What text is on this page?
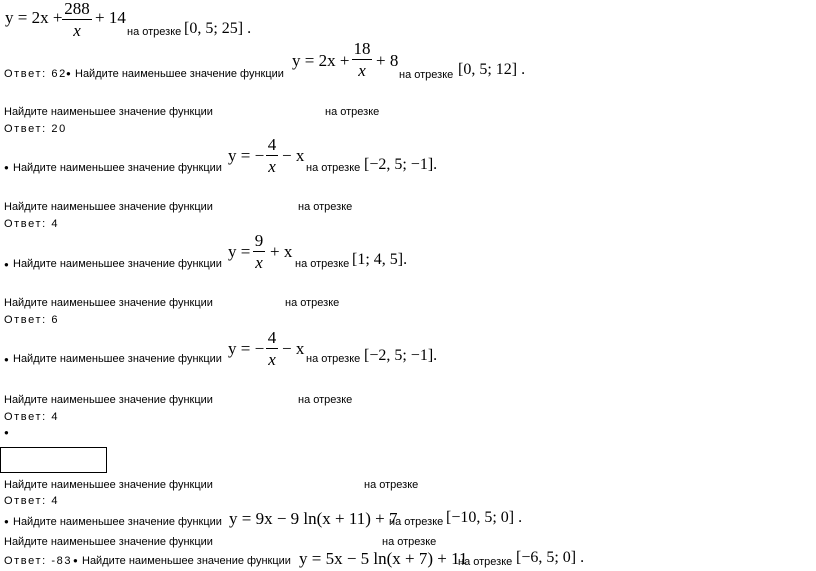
y = 2x + 288
x
+ 14
на отрезке [0, 5; 25] .
Ответ: 62 ● Найдите наименьшее значение функции
y = 2x +
18
x
+ 8
на отрезке [0, 5; 12] .
Найдите наименьшее значение функции	на отрезке
Ответ: 20
● Найдите наименьшее значение функции
y = −
4
x
− x
на отрезке [−2, 5; −1].
Найдите наименьшее значение функции	на отрезке
Ответ: 4
● Найдите наименьшее значение функции
y =
9
x
+ x
на отрезке [1; 4, 5].
Найдите наименьшее значение функции	на отрезке
Ответ: 6
● Найдите наименьшее значение функции
y = −
4
x
− x
на отрезке [−2, 5; −1].
Найдите наименьшее значение функции	на отрезке
Ответ: 4
●
Найдите наименьшее значение функции	на отрезке
Ответ: 4
● Найдите наименьшее значение функции y = 9x − 9 ln(x + 11) + 7
на отрезке [−10, 5; 0] .
Найдите наименьшее значение функции	на отрезке
Ответ: -83 ● Найдите наименьшее значение функции y = 5x − 5 ln(x + 7) + 11
на отрезке [−6, 5; 0] .
